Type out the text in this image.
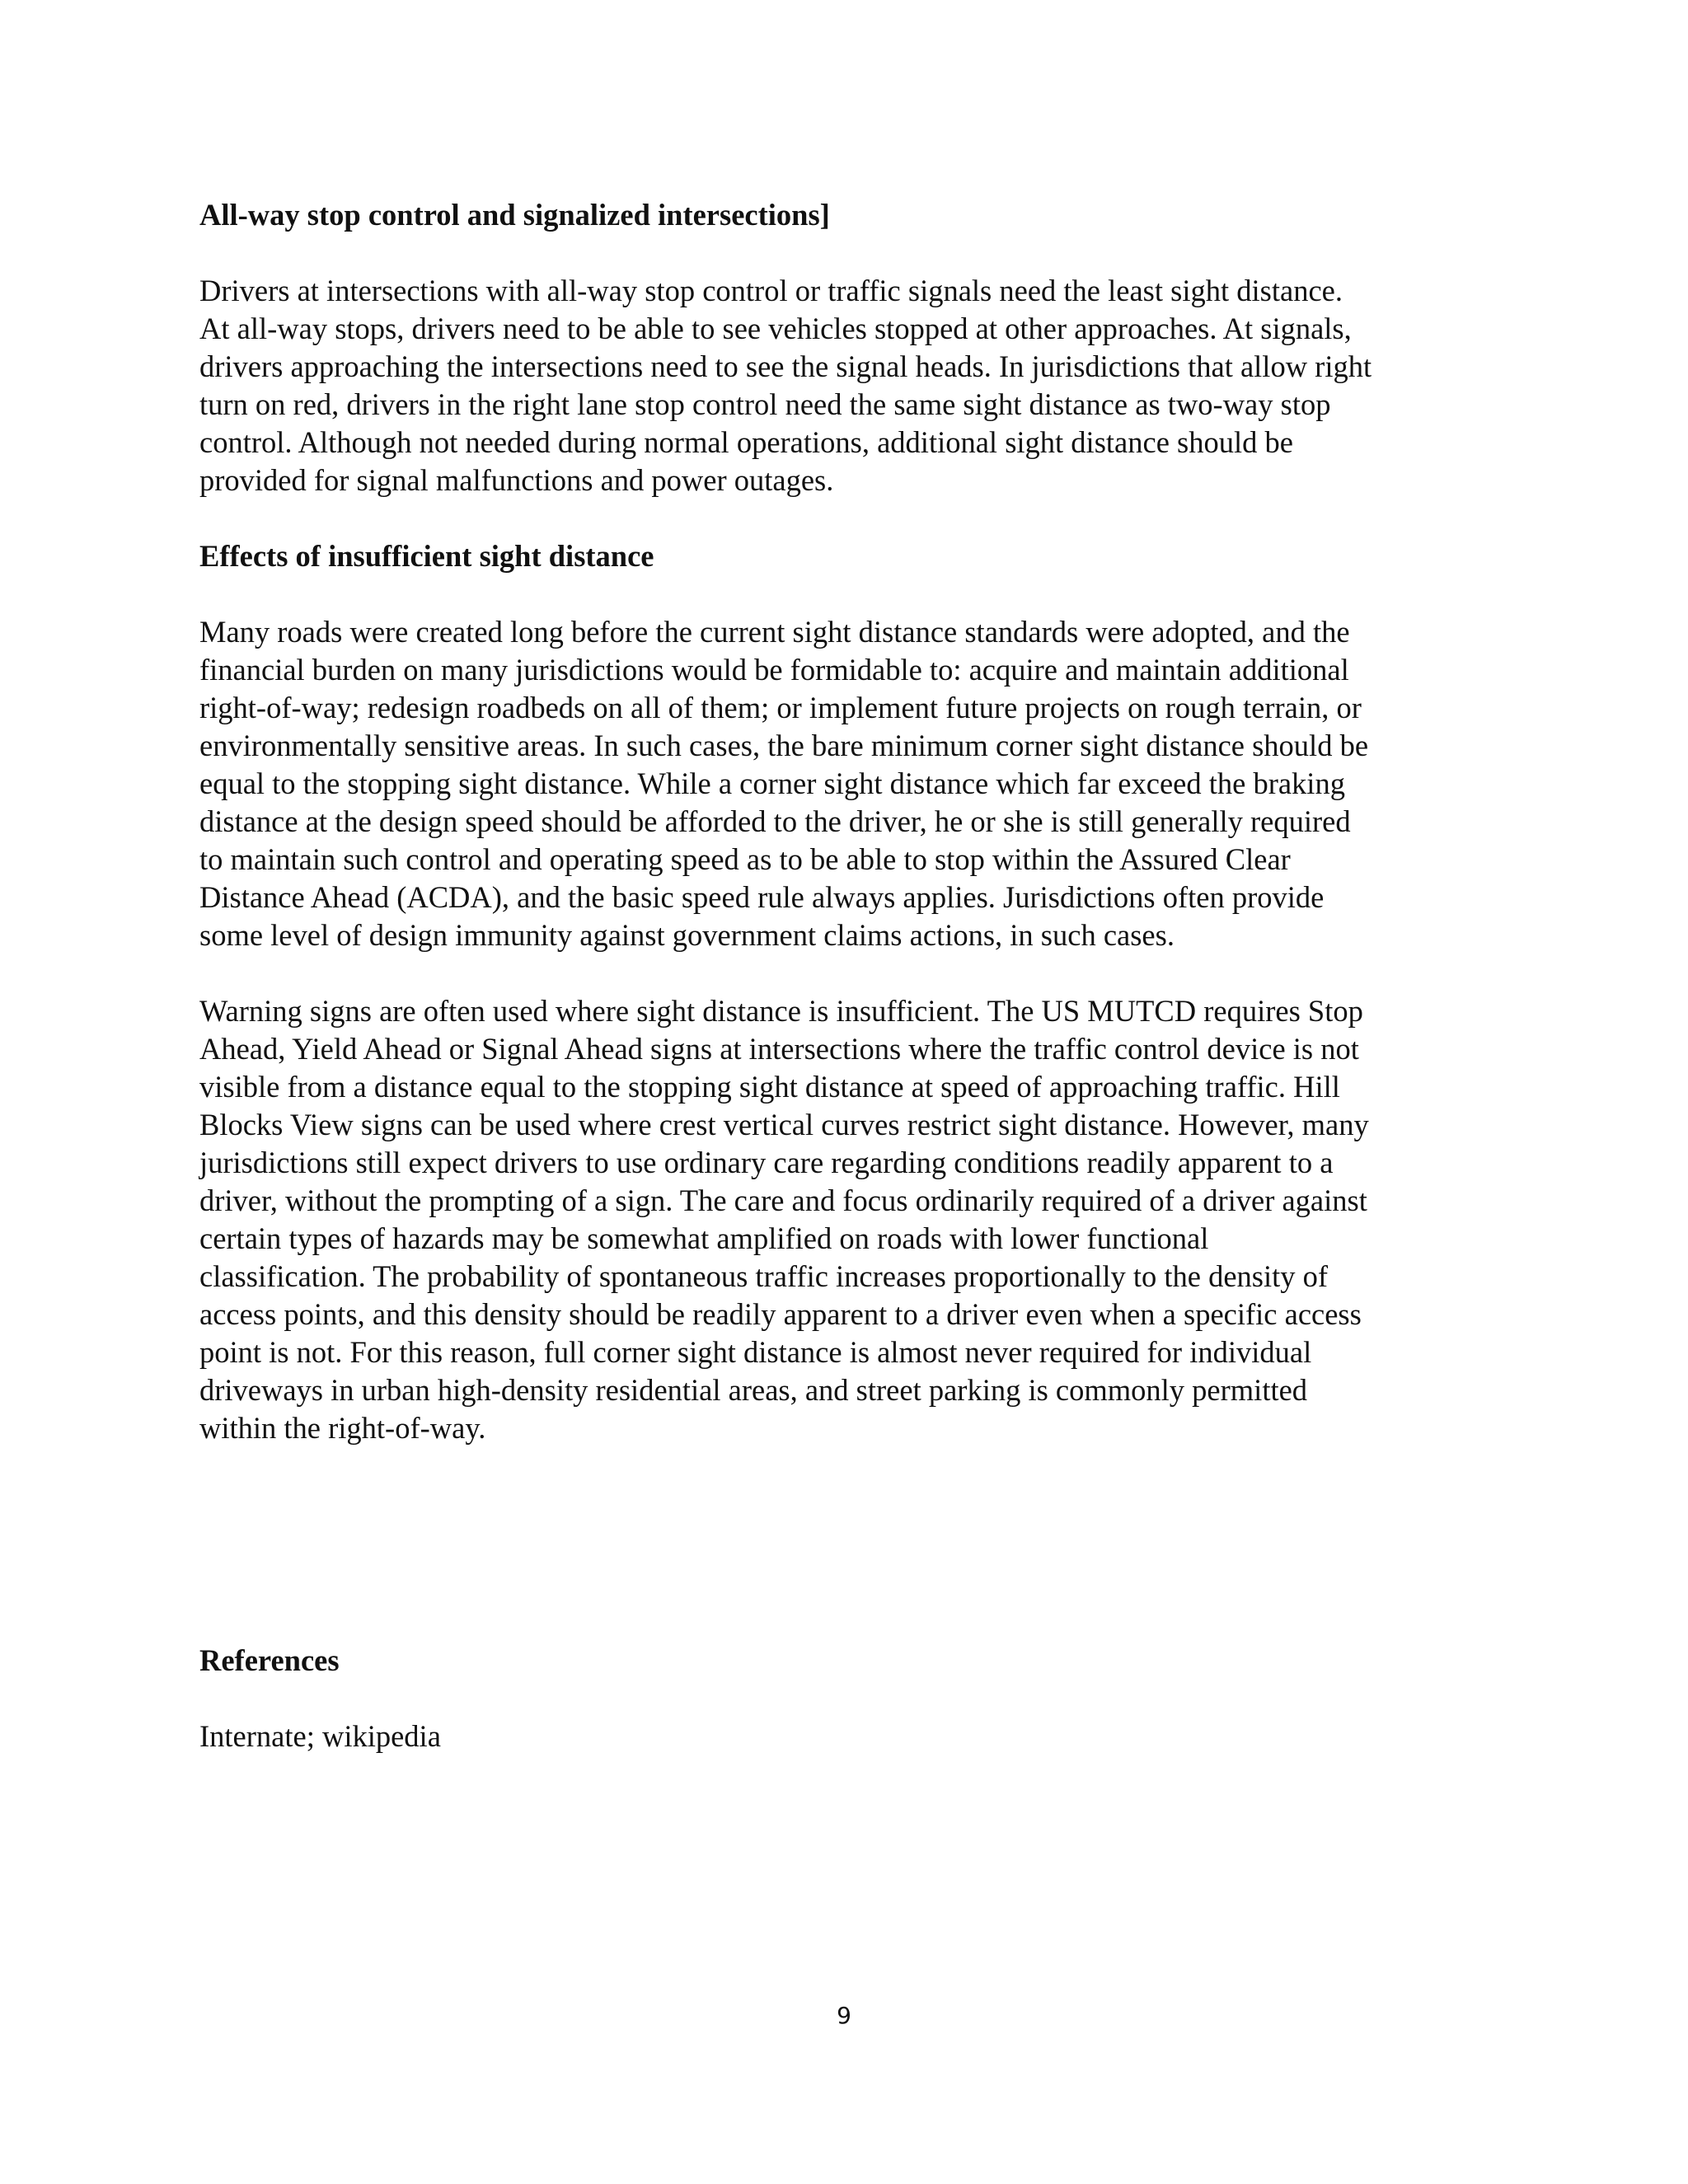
All-way stop control and signalized intersections]
Drivers at intersections with all-way stop control or traffic signals need the least sight distance.
At all-way stops, drivers need to be able to see vehicles stopped at other approaches. At signals,
drivers approaching the intersections need to see the signal heads. In jurisdictions that allow right
turn on red, drivers in the right lane stop control need the same sight distance as two-way stop
control. Although not needed during normal operations, additional sight distance should be
provided for signal malfunctions and power outages.
Effects of insufficient sight distance
Many roads were created long before the current sight distance standards were adopted, and the
financial burden on many jurisdictions would be formidable to: acquire and maintain additional
right-of-way; redesign roadbeds on all of them; or implement future projects on rough terrain, or
environmentally sensitive areas. In such cases, the bare minimum corner sight distance should be
equal to the stopping sight distance. While a corner sight distance which far exceed the braking
distance at the design speed should be afforded to the driver, he or she is still generally required
to maintain such control and operating speed as to be able to stop within the Assured Clear
Distance Ahead (ACDA), and the basic speed rule always applies. Jurisdictions often provide
some level of design immunity against government claims actions, in such cases.
Warning signs are often used where sight distance is insufficient. The US MUTCD requires Stop
Ahead, Yield Ahead or Signal Ahead signs at intersections where the traffic control device is not
visible from a distance equal to the stopping sight distance at speed of approaching traffic. Hill
Blocks View signs can be used where crest vertical curves restrict sight distance. However, many
jurisdictions still expect drivers to use ordinary care regarding conditions readily apparent to a
driver, without the prompting of a sign. The care and focus ordinarily required of a driver against
certain types of hazards may be somewhat amplified on roads with lower functional
classification. The probability of spontaneous traffic increases proportionally to the density of
access points, and this density should be readily apparent to a driver even when a specific access
point is not. For this reason, full corner sight distance is almost never required for individual
driveways in urban high-density residential areas, and street parking is commonly permitted
within the right-of-way.
References
Internate; wikipedia
9
